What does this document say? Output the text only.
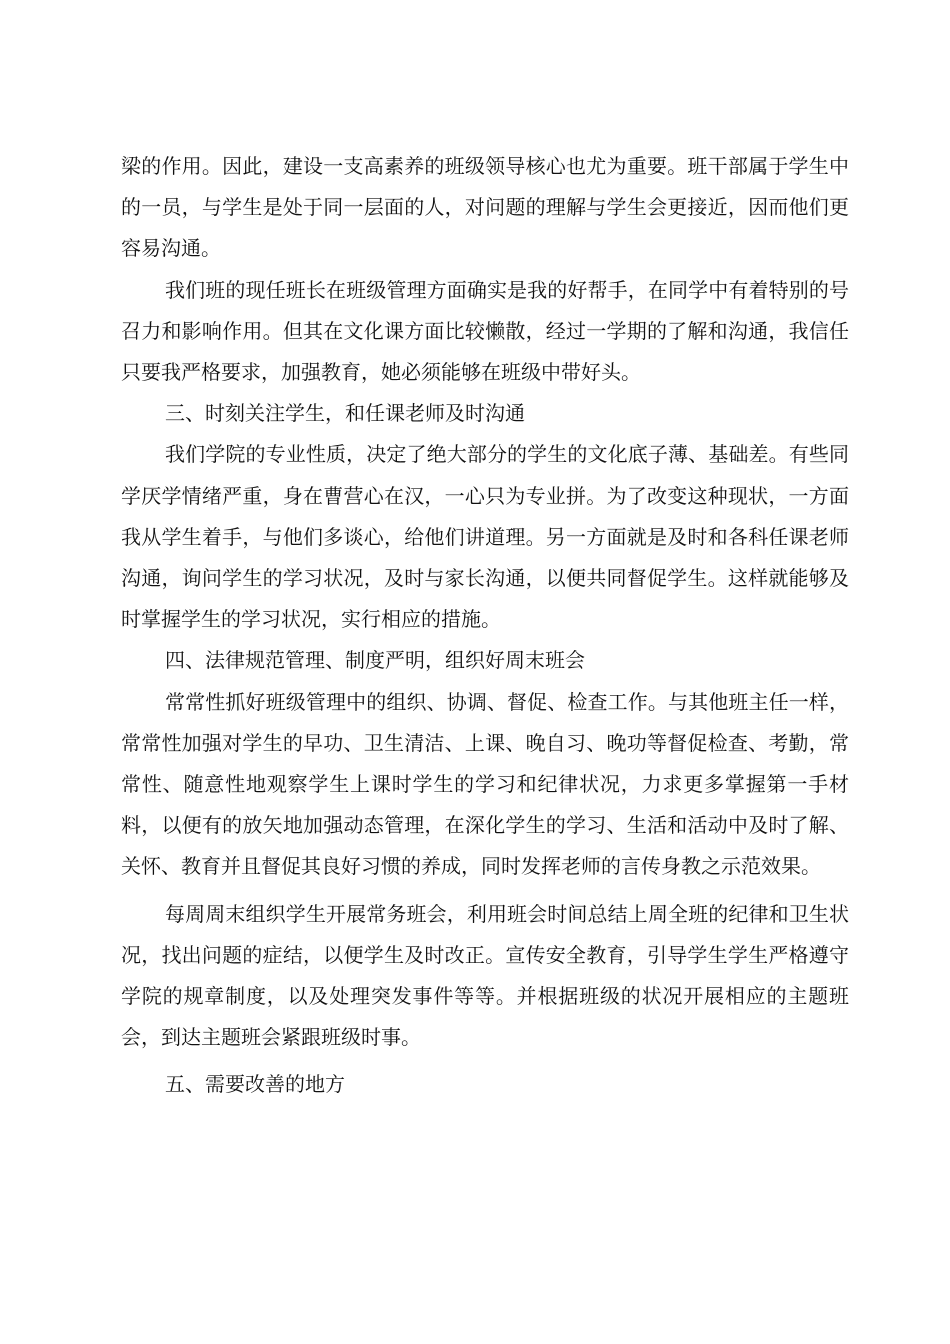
梁的作用。因此，建设一支高素养的班级领导核心也尤为重要。班干部属于学生中的一员，与学生是处于同一层面的人，对问题的理解与学生会更接近，因而他们更容易沟通。

我们班的现任班长在班级管理方面确实是我的好帮手，在同学中有着特别的号召力和影响作用。但其在文化课方面比较懒散，经过一学期的了解和沟通，我信任只要我严格要求，加强教育，她必须能够在班级中带好头。

三、时刻关注学生，和任课老师及时沟通

我们学院的专业性质，决定了绝大部分的学生的文化底子薄、基础差。有些同学厌学情绪严重，身在曹营心在汉，一心只为专业拼。为了改变这种现状，一方面我从学生着手，与他们多谈心，给他们讲道理。另一方面就是及时和各科任课老师沟通，询问学生的学习状况，及时与家长沟通，以便共同督促学生。这样就能够及时掌握学生的学习状况，实行相应的措施。

四、法律规范管理、制度严明，组织好周末班会

常常性抓好班级管理中的组织、协调、督促、检查工作。与其他班主任一样，常常性加强对学生的早功、卫生清洁、上课、晚自习、晚功等督促检查、考勤，常常性、随意性地观察学生上课时学生的学习和纪律状况，力求更多掌握第一手材料，以便有的放矢地加强动态管理，在深化学生的学习、生活和活动中及时了解、关怀、教育并且督促其良好习惯的养成，同时发挥老师的言传身教之示范效果。

每周周末组织学生开展常务班会，利用班会时间总结上周全班的纪律和卫生状况，找出问题的症结，以便学生及时改正。宣传安全教育，引导学生学生严格遵守学院的规章制度，以及处理突发事件等等。并根据班级的状况开展相应的主题班会，到达主题班会紧跟班级时事。

五、需要改善的地方
